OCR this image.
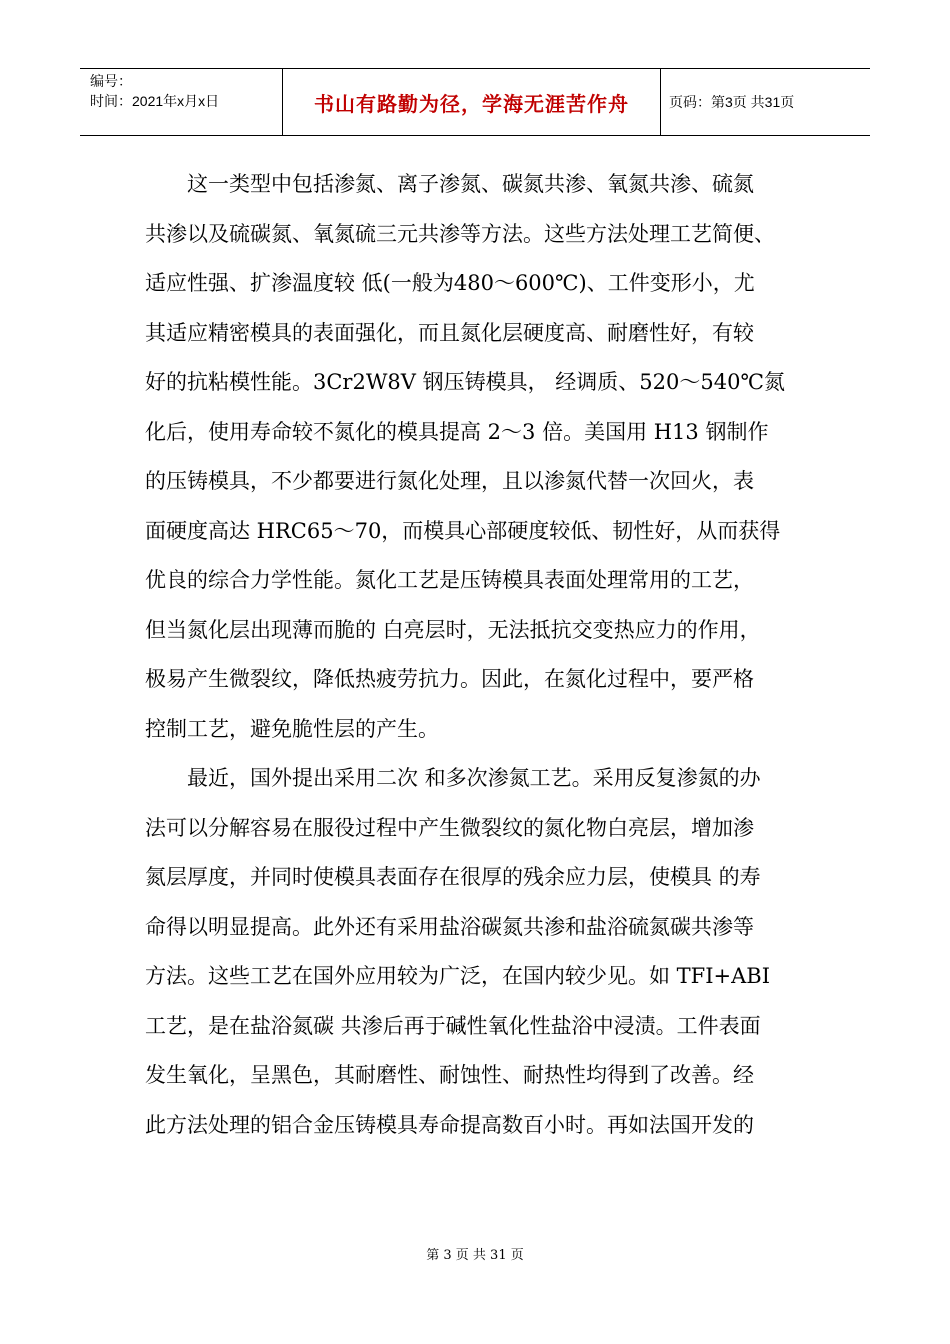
编号：
时间：2021年x月x日	书山有路勤为径，学海无涯苦作舟	页码：第3页 共31页
这一类型中包括渗氮、离子渗氮、碳氮共渗、氧氮共渗、硫氮
共渗以及硫碳氮、氧氮硫三元共渗等方法。这些方法处理工艺简便、
适应性强、扩渗温度较 低(一般为480～600℃)、工件变形小，尤
其适应精密模具的表面强化，而且氮化层硬度高、耐磨性好，有较
好的抗粘模性能。3Cr2W8V 钢压铸模具， 经调质、520～540℃氮
化后，使用寿命较不氮化的模具提高 2～3 倍。美国用 H13 钢制作
的压铸模具，不少都要进行氮化处理，且以渗氮代替一次回火，表
面硬度高达 HRC65～70，而模具心部硬度较低、韧性好，从而获得
优良的综合力学性能。氮化工艺是压铸模具表面处理常用的工艺，
但当氮化层出现薄而脆的 白亮层时，无法抵抗交变热应力的作用，
极易产生微裂纹，降低热疲劳抗力。因此，在氮化过程中，要严格
控制工艺，避免脆性层的产生。
最近，国外提出采用二次 和多次渗氮工艺。采用反复渗氮的办
法可以分解容易在服役过程中产生微裂纹的氮化物白亮层，增加渗
氮层厚度，并同时使模具表面存在很厚的残余应力层，使模具 的寿
命得以明显提高。此外还有采用盐浴碳氮共渗和盐浴硫氮碳共渗等
方法。这些工艺在国外应用较为广泛，在国内较少见。如 TFI+ABI
工艺，是在盐浴氮碳 共渗后再于碱性氧化性盐浴中浸渍。工件表面
发生氧化，呈黑色，其耐磨性、耐蚀性、耐热性均得到了改善。经
此方法处理的铝合金压铸模具寿命提高数百小时。再如法国开发的
第 3 页 共 31 页
